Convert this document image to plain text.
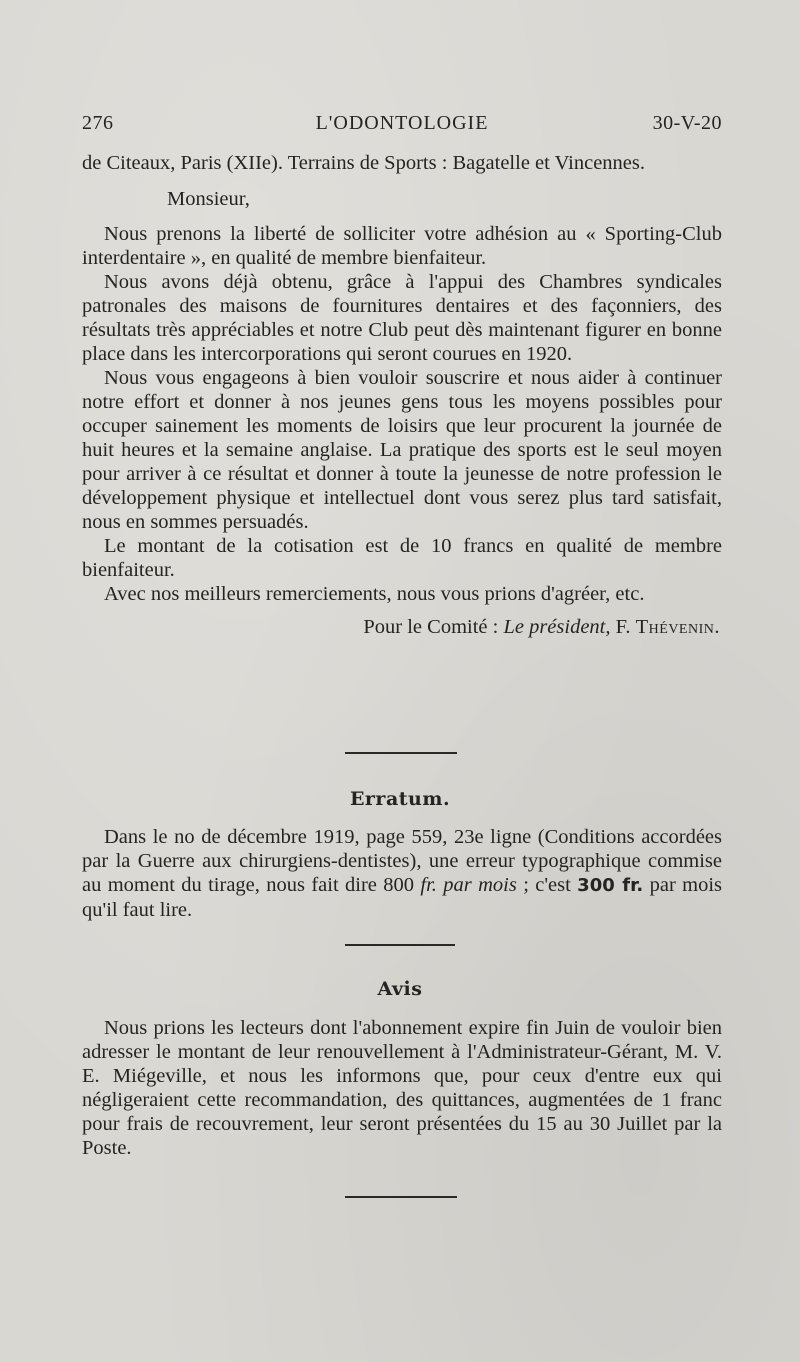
276	L'ODONTOLOGIE	30-V-20

de Citeaux, Paris (XIIe). Terrains de Sports : Bagatelle et Vincennes.

Monsieur,

Nous prenons la liberté de solliciter votre adhésion au « Sporting-Club interdentaire », en qualité de membre bienfaiteur.

Nous avons déjà obtenu, grâce à l'appui des Chambres syndicales patronales des maisons de fournitures dentaires et des façonniers, des résultats très appréciables et notre Club peut dès maintenant figurer en bonne place dans les intercorporations qui seront courues en 1920.

Nous vous engageons à bien vouloir souscrire et nous aider à continuer notre effort et donner à nos jeunes gens tous les moyens possibles pour occuper sainement les moments de loisirs que leur procurent la journée de huit heures et la semaine anglaise. La pratique des sports est le seul moyen pour arriver à ce résultat et donner à toute la jeunesse de notre profession le développement physique et intellectuel dont vous serez plus tard satisfait, nous en sommes persuadés.

Le montant de la cotisation est de 10 francs en qualité de membre bienfaiteur.

Avec nos meilleurs remerciements, nous vous prions d'agréer, etc.

Pour le Comité : Le président, F. Thévenin.

Erratum.

Dans le no de décembre 1919, page 559, 23e ligne (Conditions accordées par la Guerre aux chirurgiens-dentistes), une erreur typographique commise au moment du tirage, nous fait dire 800 fr. par mois ; c'est 300 fr. par mois qu'il faut lire.

Avis

Nous prions les lecteurs dont l'abonnement expire fin Juin de vouloir bien adresser le montant de leur renouvellement à l'Administrateur-Gérant, M. V. E. Miégeville, et nous les informons que, pour ceux d'entre eux qui négligeraient cette recommandation, des quittances, augmentées de 1 franc pour frais de recouvrement, leur seront présentées du 15 au 30 Juillet par la Poste.
